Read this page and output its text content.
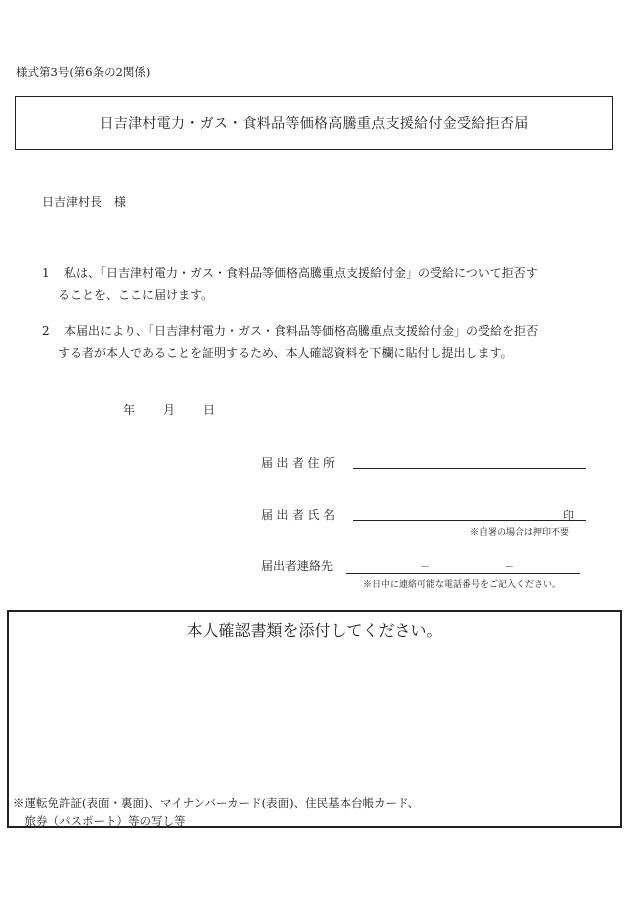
様式第3号(第6条の2関係)
日吉津村電力・ガス・食料品等価格高騰重点支援給付金受給拒否届
日吉津村長　様
1 私は、「日吉津村電力・ガス・食料品等価格高騰重点支援給付金」の受給について拒否す
ることを、ここに届けます。
2 本届出により、「日吉津村電力・ガス・食料品等価格高騰重点支援給付金」の受給を拒否
する者が本人であることを証明するため、本人確認資料を下欄に貼付し提出します。
年 月 日
届出者住所
届出者氏名	印
※自署の場合は押印不要
届出者連絡先	－	－
※日中に連絡可能な電話番号をご記入ください。
本人確認書類を添付してください。
※運転免許証(表面・裏面)、マイナンバーカード(表面)、住民基本台帳カード、
　旅券（パスポート）等の写し等
